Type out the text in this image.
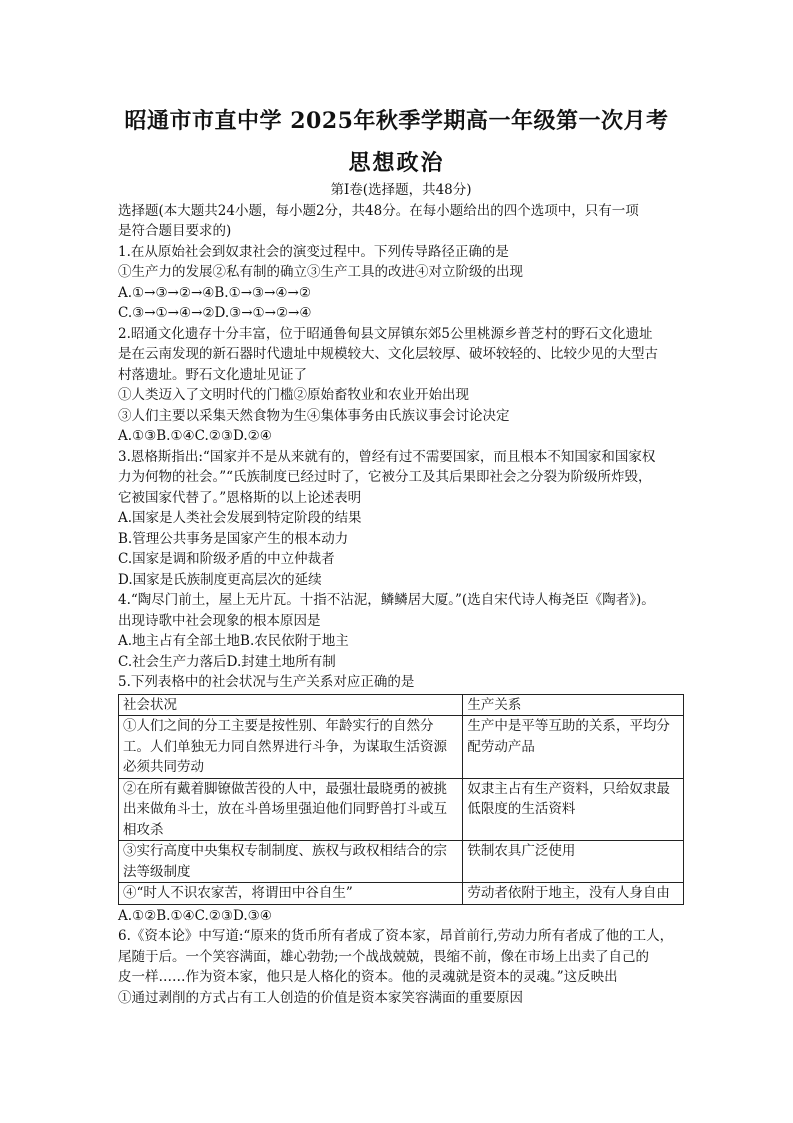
昭通市市直中学 2025年秋季学期高一年级第一次月考
思想政治
第Ⅰ卷(选择题，共48分)
选择题(本大题共24小题，每小题2分，共48分。在每小题给出的四个选项中，只有一项
是符合题目要求的)
1.在从原始社会到奴隶社会的演变过程中。下列传导路径正确的是
①生产力的发展②私有制的确立③生产工具的改进④对立阶级的出现
A.①→③→②→④B.①→③→④→②
C.③→①→④→②D.③→①→②→④
2.昭通文化遗存十分丰富，位于昭通鲁甸县文屏镇东郊5公里桃源乡普芝村的野石文化遗址
是在云南发现的新石器时代遗址中规模较大、文化层较厚、破坏较轻的、比较少见的大型古
村落遗址。野石文化遗址见证了
①人类迈入了文明时代的门槛②原始畜牧业和农业开始出现
③人们主要以采集天然食物为生④集体事务由氏族议事会讨论决定
A.①③B.①④C.②③D.②④
3.恩格斯指出:“国家并不是从来就有的，曾经有过不需要国家，而且根本不知国家和国家权
力为何物的社会。”“氏族制度已经过时了，它被分工及其后果即社会之分裂为阶级所炸毁，
它被国家代替了。”恩格斯的以上论述表明
A.国家是人类社会发展到特定阶段的结果
B.管理公共事务是国家产生的根本动力
C.国家是调和阶级矛盾的中立仲裁者
D.国家是氏族制度更高层次的延续
4.“陶尽门前土，屋上无片瓦。十指不沾泥，鳞鳞居大厦。”(选自宋代诗人梅尧臣《陶者》)。
出现诗歌中社会现象的根本原因是
A.地主占有全部土地B.农民依附于地主
C.社会生产力落后D.封建土地所有制
5.下列表格中的社会状况与生产关系对应正确的是
社会状况	生产关系
①人们之间的分工主要是按性别、年龄实行的自然分工。人们单独无力同自然界进行斗争，为谋取生活资源必须共同劳动	生产中是平等互助的关系，平均分配劳动产品
②在所有戴着脚镣做苦役的人中，最强壮最晓勇的被挑出来做角斗士，放在斗兽场里强迫他们同野兽打斗或互相攻杀	奴隶主占有生产资料，只给奴隶最低限度的生活资料
③实行高度中央集权专制制度、族权与政权相结合的宗法等级制度	铁制农具广泛使用
④“时人不识农家苦，将谓田中谷自生”	劳动者依附于地主，没有人身自由
A.①②B.①④C.②③D.③④
6.《资本论》中写道:“原来的货币所有者成了资本家，昂首前行,劳动力所有者成了他的工人，
尾随于后。一个笑容满面，雄心勃勃;一个战战兢兢，畏缩不前，像在市场上出卖了自己的
皮一样……作为资本家，他只是人格化的资本。他的灵魂就是资本的灵魂。”这反映出
①通过剥削的方式占有工人创造的价值是资本家笑容满面的重要原因
